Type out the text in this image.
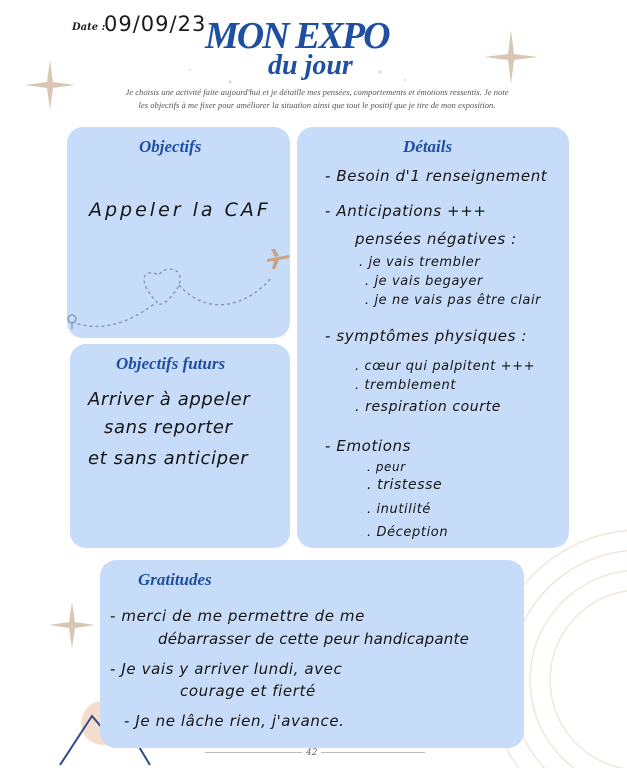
Date :
09/09/23
MON EXPO
du jour
Je choisis une activité faite aujourd'hui et je détaille mes pensées, comportements et émotions ressentis. Je note
les objectifs à me fixer pour améliorer la situation ainsi que tout le positif que je tire de mon exposition.
Objectifs
Appeler la CAF
Objectifs futurs
Arriver à appeler
sans reporter
et sans anticiper
Détails
- Besoin d'1 renseignement
- Anticipations +++
pensées négatives :
. je vais trembler
. je vais begayer
. je ne vais pas être clair
- symptômes physiques :
. cœur qui palpitent +++
. tremblement
. respiration courte
- Emotions
. peur
. tristesse
. inutilité
. Déception
Gratitudes
- merci de me permettre de me
débarrasser de cette peur handicapante
- Je vais y arriver lundi, avec
courage et fierté
- Je ne lâche rien, j'avance.
42
